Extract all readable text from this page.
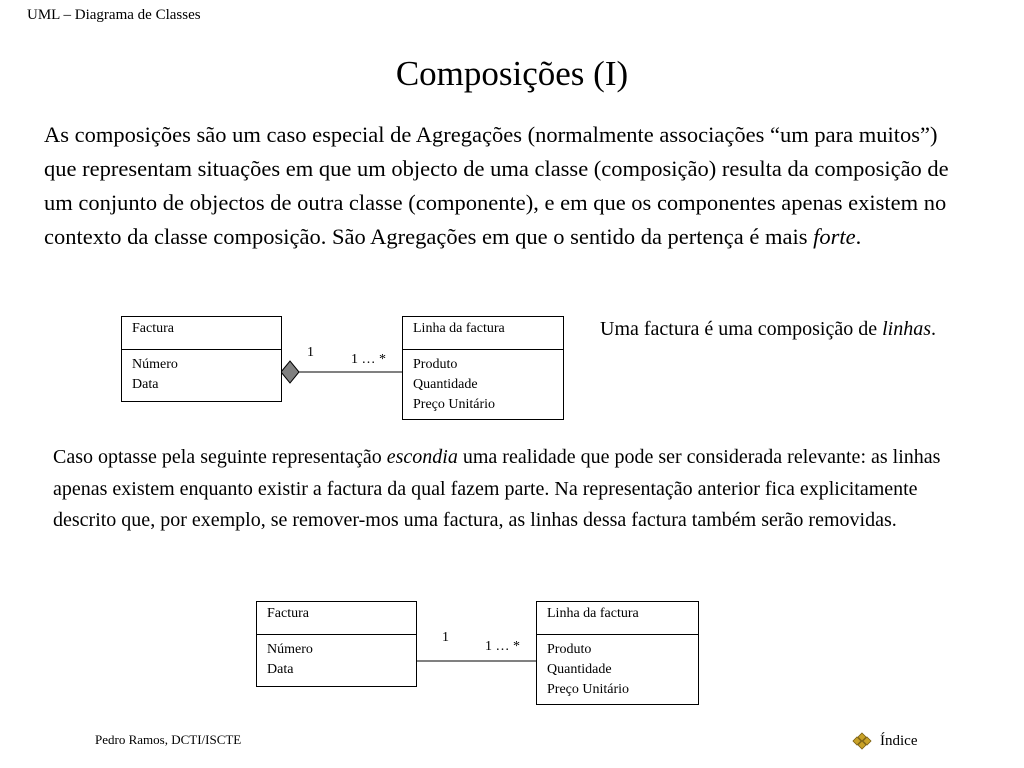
UML – Diagrama de Classes
Composições (I)
As composições são um caso especial de Agregações (normalmente associações “um para muitos”) que representam situações em que um objecto de uma classe (composição) resulta da composição de um conjunto de objectos de outra classe (componente), e em que os componentes apenas existem no contexto da classe composição. São Agregações em que o sentido da pertença é mais forte.
Factura
Número
Data
Linha da factura
Produto
Quantidade
Preço Unitário
1	1 … *
Uma factura é uma composição de linhas.
Caso optasse pela seguinte representação escondia uma realidade que pode ser considerada relevante: as linhas apenas existem enquanto existir a factura da qual fazem parte. Na representação anterior fica explicitamente descrito que, por exemplo, se remover-mos uma factura, as linhas dessa factura também serão removidas.
Factura
Número
Data
Linha da factura
Produto
Quantidade
Preço Unitário
1
1 … *
Pedro Ramos, DCTI/ISCTE	Índice
